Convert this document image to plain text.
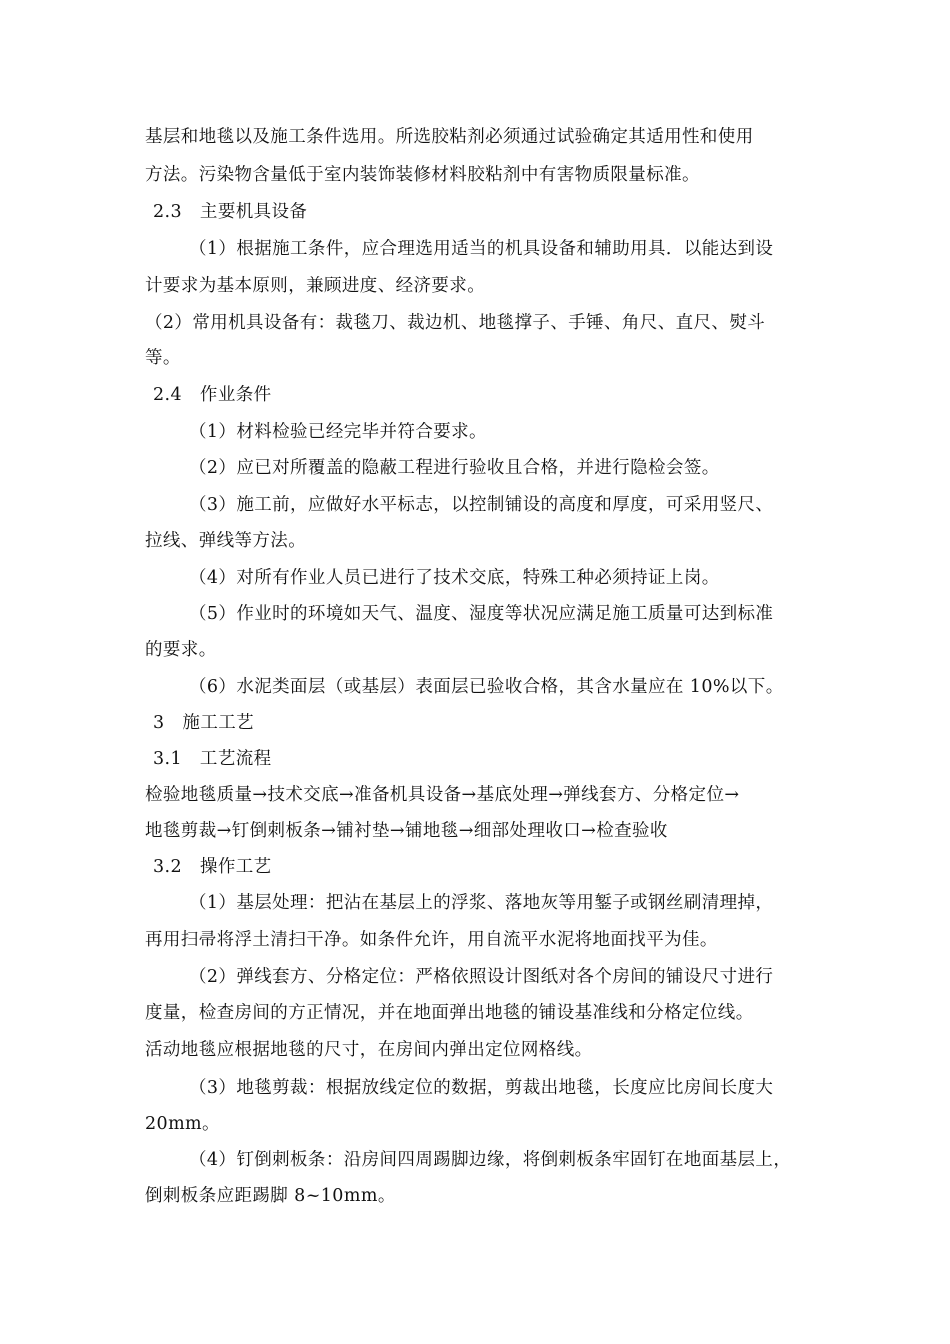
基层和地毯以及施工条件选用。所选胶粘剂必须通过试验确定其适用性和使用
方法。污染物含量低于室内装饰装修材料胶粘剂中有害物质限量标准。
2.3　主要机具设备
（1）根据施工条件，应合理选用适当的机具设备和辅助用具．以能达到设
计要求为基本原则，兼顾进度、经济要求。
（2）常用机具设备有：裁毯刀、裁边机、地毯撑子、手锤、角尺、直尺、熨斗
等。
2.4　作业条件
（1）材料检验已经完毕并符合要求。
（2）应已对所覆盖的隐蔽工程进行验收且合格，并进行隐检会签。
（3）施工前，应做好水平标志，以控制铺设的高度和厚度，可采用竖尺、
拉线、弹线等方法。
（4）对所有作业人员已进行了技术交底，特殊工种必须持证上岗。
（5）作业时的环境如天气、温度、湿度等状况应满足施工质量可达到标准
的要求。
（6）水泥类面层（或基层）表面层已验收合格，其含水量应在 10%以下。
3　施工工艺
3.1　工艺流程
检验地毯质量→技术交底→准备机具设备→基底处理→弹线套方、分格定位→
地毯剪裁→钉倒刺板条→铺衬垫→铺地毯→细部处理收口→检查验收
3.2　操作工艺
（1）基层处理：把沾在基层上的浮浆、落地灰等用錾子或钢丝刷清理掉，
再用扫帚将浮土清扫干净。如条件允许，用自流平水泥将地面找平为佳。
（2）弹线套方、分格定位：严格依照设计图纸对各个房间的铺设尺寸进行
度量，检查房间的方正情况，并在地面弹出地毯的铺设基准线和分格定位线。
活动地毯应根据地毯的尺寸，在房间内弹出定位网格线。
（3）地毯剪裁：根据放线定位的数据，剪裁出地毯，长度应比房间长度大
20mm。
（4）钉倒刺板条：沿房间四周踢脚边缘，将倒刺板条牢固钉在地面基层上，
倒刺板条应距踢脚 8~10mm。
